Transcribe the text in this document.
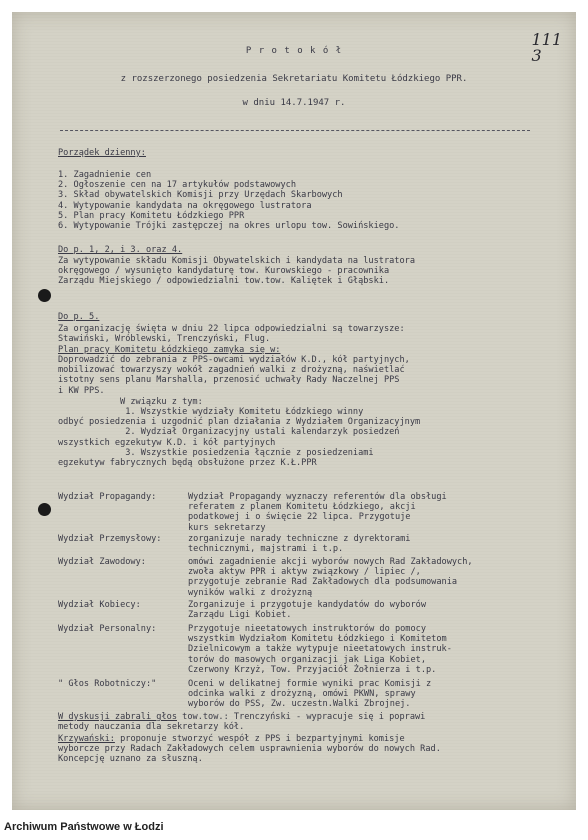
111
3
P r o t o k ó ł
z rozszerzonego posiedzenia Sekretariatu Komitetu Łódzkiego PPR.
w dniu 14.7.1947 r.
Porządek dzienny:
1. Zagadnienie cen
2. Ogłoszenie cen na 17 artykułów podstawowych
3. Skład obywatelskich Komisji przy Urzędach Skarbowych
4. Wytypowanie kandydata na okręgowego lustratora
5. Plan pracy Komitetu Łódzkiego PPR
6. Wytypowanie Trójki zastępczej na okres urlopu tow. Sowińskiego.
Do p. 1, 2, i 3. oraz 4.
Za wytypowanie składu Komisji Obywatelskich i kandydata na lustratora
okręgowego / wysunięto kandydaturę tow. Kurowskiego - pracownika
Zarządu Miejskiego / odpowiedzialni tow.tow. Kaliętek i Głąbski.
Do p. 5.
Za organizację święta w dniu 22 lipca odpowiedzialni są towarzysze:
Stawiński, Wróblewski, Trenczyński, Flug.
Plan pracy Komitetu Łódzkiego zamyka się w:
Doprowadzić do zebrania z PPS-owcami wydziałów K.D., kół partyjnych,
mobilizować towarzyszy wokół zagadnień walki z drożyzną, naświetlać
istotny sens planu Marshalla, przenosić uchwały Rady Naczelnej PPS
i KW PPS.
W związku z tym:
1. Wszystkie wydziały Komitetu Łódzkiego winny
odbyć posiedzenia i uzgodnić plan działania z Wydziałem Organizacyjnym
2. Wydział Organizacyjny ustali kalendarzyk posiedzeń
wszystkich egzekutyw K.D. i kół partyjnych
3. Wszystkie posiedzenia łącznie z posiedzeniami
egzekutyw fabrycznych będą obsłużone przez K.Ł.PPR
Wydział Propagandy:	Wydział Propagandy wyznaczy referentów dla obsługi
referatem z planem Komitetu Łódzkiego, akcji
podatkowej i o święcie 22 lipca. Przygotuje
kurs sekretarzy
Wydział Przemysłowy:	zorganizuje narady techniczne z dyrektorami
technicznymi, majstrami i t.p.
Wydział Zawodowy:	omówi zagadnienie akcji wyborów nowych Rad Zakładowych,
zwoła aktyw PPR i aktyw związkowy / lipiec /,
przygotuje zebranie Rad Zakładowych dla podsumowania
wyników walki z drożyzną
Wydział Kobiecy:	Zorganizuje i przygotuje kandydatów do wyborów
Zarządu Ligi Kobiet.
Wydział Personalny:	Przygotuje nieetatowych instruktorów do pomocy
wszystkim Wydziałom Komitetu Łódzkiego i Komitetom
Dzielnicowym a także wytypuje nieetatowych instruk-
torów do masowych organizacji jak Liga Kobiet,
Czerwony Krzyż, Tow. Przyjaciół Żołnierza i t.p.
" Głos Robotniczy:"	Oceni w delikatnej formie wyniki prac Komisji z
odcinka walki z drożyzną, omówi PKWN, sprawy
wyborów do PSS, Zw. uczestn.Walki Zbrojnej.
W dyskusji zabrali głos tow.tow.: Trenczyński - wypracuje się i poprawi
metody nauczania dla sekretarzy kół.
Krzywański: proponuje stworzyć wespół z PPS i bezpartyjnymi komisje
wyborcze przy Radach Zakładowych celem usprawnienia wyborów do nowych Rad.
Koncepcję uznano za słuszną.
Archiwum Państwowe w Łodzi
